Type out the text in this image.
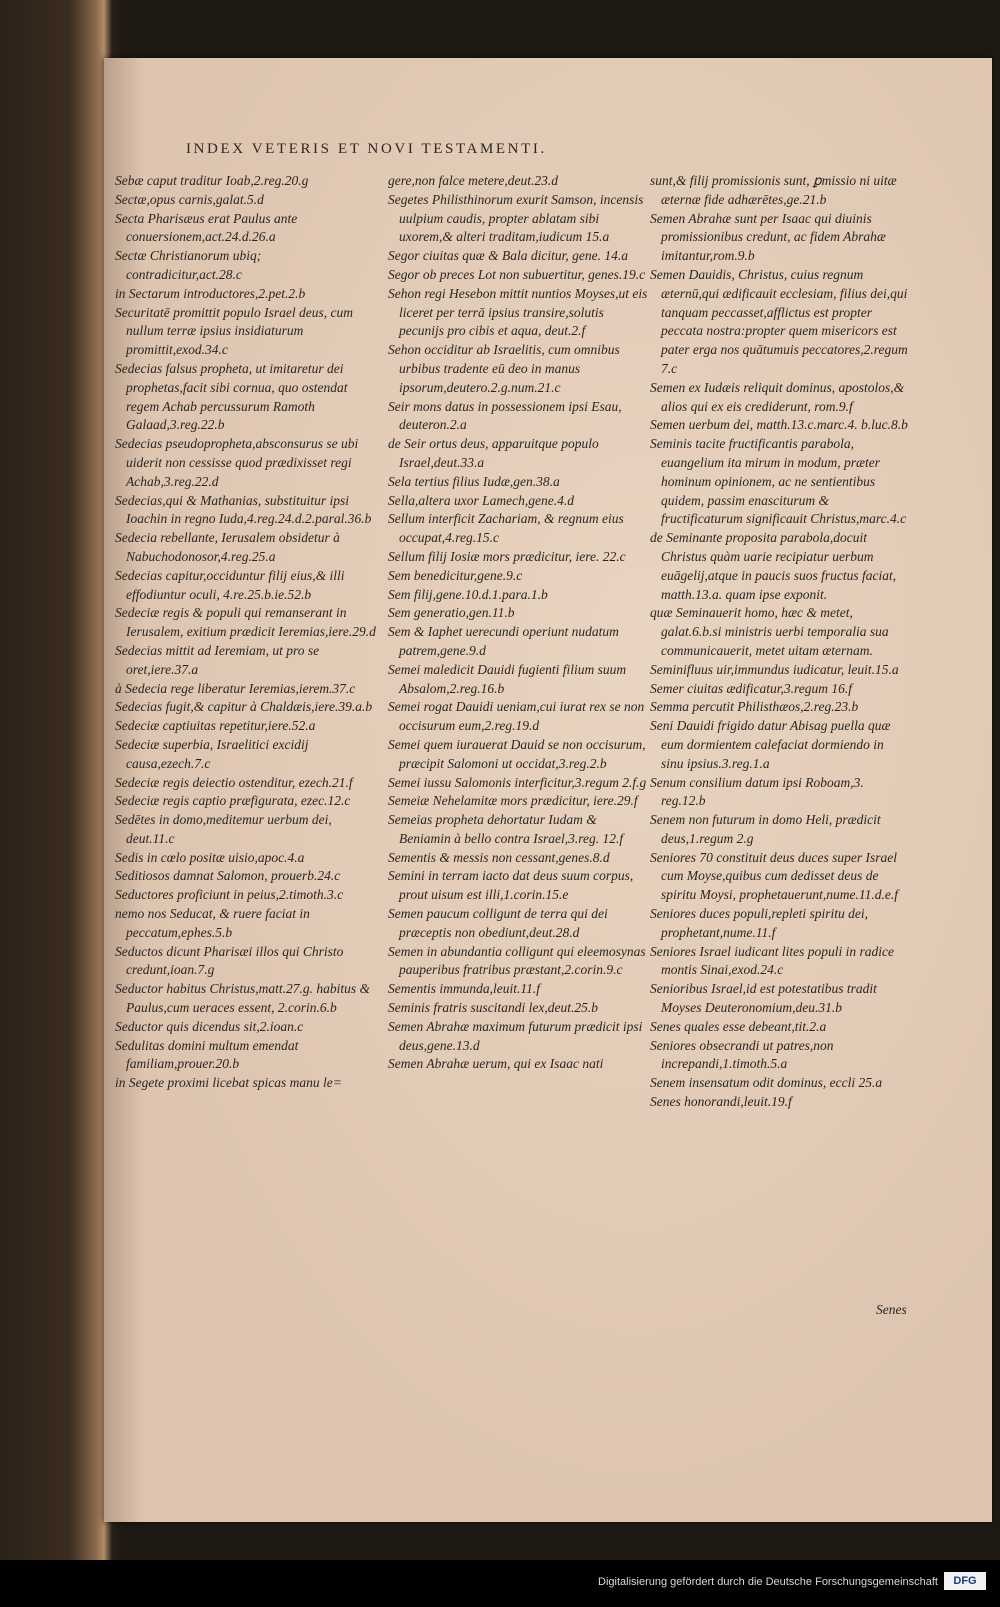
INDEX VETERIS ET NOVI TESTAMENTI.

Sebæ caput traditur Ioab,2.reg.20.g

Sectæ,opus carnis,galat.5.d

Secta Pharisæus erat Paulus ante conuersionem,act.24.d.26.a

Sectæ Christianorum ubiq; contradicitur,act.28.c

in Sectarum introductores,2.pet.2.b

Securitatē promittit populo Israel deus, cum nullum terræ ipsius insidiaturum promittit,exod.34.c

Sedecias falsus propheta, ut imitaretur dei prophetas,facit sibi cornua, quo ostendat regem Achab percussurum Ramoth Galaad,3.reg.22.b

Sedecias pseudopropheta,absconsurus se ubi uiderit non cessisse quod prædixisset regi Achab,3.reg.22.d

Sedecias,qui & Mathanias, substituitur ipsi Ioachin in regno Iuda,4.reg.24.d.2.paral.36.b

Sedecia rebellante, Ierusalem obsidetur à Nabuchodonosor,4.reg.25.a

Sedecias capitur,occiduntur filij eius,& illi effodiuntur oculi, 4.re.25.b.ie.52.b

Sedeciæ regis & populi qui remanserant in Ierusalem, exitium prædicit Ieremias,iere.29.d

Sedecias mittit ad Ieremiam, ut pro se oret,iere.37.a

à Sedecia rege liberatur Ieremias,ierem.37.c

Sedecias fugit,& capitur à Chaldæis,iere.39.a.b

Sedeciæ captiuitas repetitur,iere.52.a

Sedeciæ superbia, Israelitici excidij causa,ezech.7.c

Sedeciæ regis deiectio ostenditur, ezech.21.f

Sedeciæ regis captio præfigurata, ezec.12.c

Sedētes in domo,meditemur uerbum dei, deut.11.c

Sedis in cœlo positæ uisio,apoc.4.a

Seditiosos damnat Salomon, prouerb.24.c

Seductores proficiunt in peius,2.timoth.3.c

nemo nos Seducat, & ruere faciat in peccatum,ephes.5.b

Seductos dicunt Pharisæi illos qui Christo credunt,ioan.7.g

Seductor habitus Christus,matt.27.g. habitus & Paulus,cum ueraces essent, 2.corin.6.b

Seductor quis dicendus sit,2.ioan.c

Sedulitas domini multum emendat familiam,prouer.20.b

in Segete proximi licebat spicas manu le=

gere,non falce metere,deut.23.d

Segetes Philisthinorum exurit Samson, incensis uulpium caudis, propter ablatam sibi uxorem,& alteri traditam,iudicum 15.a

Segor ciuitas quæ & Bala dicitur, gene. 14.a

Segor ob preces Lot non subuertitur, genes.19.c

Sehon regi Hesebon mittit nuntios Moyses,ut eis liceret per terrā ipsius transire,solutis pecunijs pro cibis et aqua, deut.2.f

Sehon occiditur ab Israelitis, cum omnibus urbibus tradente eū deo in manus ipsorum,deutero.2.g.num.21.c

Seir mons datus in possessionem ipsi Esau, deuteron.2.a

de Seir ortus deus, apparuitque populo Israel,deut.33.a

Sela tertius filius Iudæ,gen.38.a

Sella,altera uxor Lamech,gene.4.d

Sellum interficit Zachariam, & regnum eius occupat,4.reg.15.c

Sellum filij Iosiæ mors prædicitur, iere. 22.c

Sem benedicitur,gene.9.c

Sem filij,gene.10.d.1.para.1.b

Sem generatio,gen.11.b

Sem & Iaphet uerecundi operiunt nudatum patrem,gene.9.d

Semei maledicit Dauidi fugienti filium suum Absalom,2.reg.16.b

Semei rogat Dauidi ueniam,cui iurat rex se non occisurum eum,2.reg.19.d

Semei quem iurauerat Dauid se non occisurum, præcipit Salomoni ut occidat,3.reg.2.b

Semei iussu Salomonis interficitur,3.regum 2.f.g

Semeiæ Nehelamitæ mors prædicitur, iere.29.f

Semeias propheta dehortatur Iudam & Beniamin à bello contra Israel,3.reg. 12.f

Sementis & messis non cessant,genes.8.d

Semini in terram iacto dat deus suum corpus, prout uisum est illi,1.corin.15.e

Semen paucum colligunt de terra qui dei præceptis non obediunt,deut.28.d

Semen in abundantia colligunt qui eleemosynas pauperibus fratribus præstant,2.corin.9.c

Sementis immunda,leuit.11.f

Seminis fratris suscitandi lex,deut.25.b

Semen Abrahæ maximum futurum prædicit ipsi deus,gene.13.d

Semen Abrahæ uerum, qui ex Isaac nati

sunt,& filij promissionis sunt, ꝑmissio ni uitæ æternæ fide adhærētes,ge.21.b

Semen Abrahæ sunt per Isaac qui diuinis promissionibus credunt, ac fidem Abrahæ imitantur,rom.9.b

Semen Dauidis, Christus, cuius regnum æternū,qui ædificauit ecclesiam, filius dei,qui tanquam peccasset,afflictus est propter peccata nostra:propter quem misericors est pater erga nos quātumuis peccatores,2.regum 7.c

Semen ex Iudæis reliquit dominus, apostolos,& alios qui ex eis crediderunt, rom.9.f

Semen uerbum dei, matth.13.c.marc.4. b.luc.8.b

Seminis tacite fructificantis parabola, euangelium ita mirum in modum, præter hominum opinionem, ac ne sentientibus quidem, passim enasciturum & fructificaturum significauit Christus,marc.4.c

de Seminante proposita parabola,docuit Christus quàm uarie recipiatur uerbum euāgelij,atque in paucis suos fructus faciat, matth.13.a. quam ipse exponit.

quæ Seminauerit homo, hæc & metet, galat.6.b.si ministris uerbi temporalia sua communicauerit, metet uitam æternam.

Seminifluus uir,immundus iudicatur, leuit.15.a

Semer ciuitas ædificatur,3.regum 16.f

Semma percutit Philisthæos,2.reg.23.b

Seni Dauidi frigido datur Abisag puella quæ eum dormientem calefaciat dormiendo in sinu ipsius.3.reg.1.a

Senum consilium datum ipsi Roboam,3. reg.12.b

Senem non futurum in domo Heli, prædicit deus,1.regum 2.g

Seniores 70 constituit deus duces super Israel cum Moyse,quibus cum dedisset deus de spiritu Moysi, prophetauerunt,nume.11.d.e.f

Seniores duces populi,repleti spiritu dei, prophetant,nume.11.f

Seniores Israel iudicant lites populi in radice montis Sinai,exod.24.c

Senioribus Israel,id est potestatibus tradit Moyses Deuteronomium,deu.31.b

Senes quales esse debeant,tit.2.a

Seniores obsecrandi ut patres,non increpandi,1.timoth.5.a

Senem insensatum odit dominus, eccli 25.a

Senes honorandi,leuit.19.f

Senes
Digitalisierung gefördert durch die Deutsche Forschungsgemeinschaft	DFG
